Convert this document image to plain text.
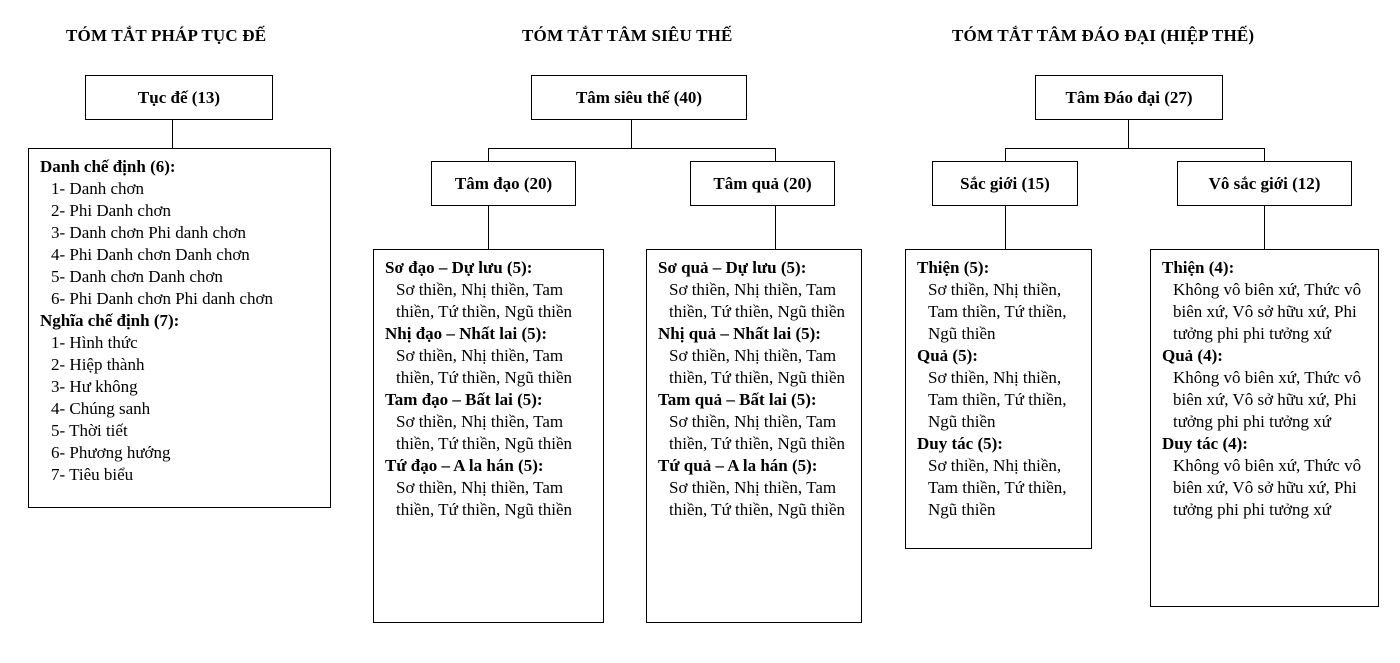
TÓM TẮT PHÁP TỤC ĐẾ
Tục đế (13)
Danh chế định (6):
1- Danh chơn
2- Phi Danh chơn
3- Danh chơn Phi danh chơn
4- Phi Danh chơn Danh chơn
5- Danh chơn Danh chơn
6- Phi Danh chơn Phi danh chơn
Nghĩa chế định (7):
1- Hình thức
2- Hiệp thành
3- Hư không
4- Chúng sanh
5- Thời tiết
6- Phương hướng
7- Tiêu biểu
TÓM TẮT TÂM SIÊU THẾ
Tâm siêu thế (40)
Tâm đạo (20)	Tâm quả (20)
Sơ đạo – Dự lưu (5):
Sơ thiền, Nhị thiền, Tam thiền, Tứ thiền, Ngũ thiền
Nhị đạo – Nhất lai (5):
Sơ thiền, Nhị thiền, Tam thiền, Tứ thiền, Ngũ thiền
Tam đạo – Bất lai (5):
Sơ thiền, Nhị thiền, Tam thiền, Tứ thiền, Ngũ thiền
Tứ đạo – A la hán (5):
Sơ thiền, Nhị thiền, Tam thiền, Tứ thiền, Ngũ thiền
Sơ quả – Dự lưu (5):
Sơ thiền, Nhị thiền, Tam thiền, Tứ thiền, Ngũ thiền
Nhị quả – Nhất lai (5):
Sơ thiền, Nhị thiền, Tam thiền, Tứ thiền, Ngũ thiền
Tam quả – Bất lai (5):
Sơ thiền, Nhị thiền, Tam thiền, Tứ thiền, Ngũ thiền
Tứ quả – A la hán (5):
Sơ thiền, Nhị thiền, Tam thiền, Tứ thiền, Ngũ thiền
TÓM TẮT TÂM ĐÁO ĐẠI (HIỆP THẾ)
Tâm Đáo đại (27)
Sắc giới (15)	Vô sắc giới (12)
Thiện (5):
Sơ thiền, Nhị thiền, Tam thiền, Tứ thiền, Ngũ thiền
Quả (5):
Sơ thiền, Nhị thiền, Tam thiền, Tứ thiền, Ngũ thiền
Duy tác (5):
Sơ thiền, Nhị thiền, Tam thiền, Tứ thiền, Ngũ thiền
Thiện (4):
Không vô biên xứ, Thức vô biên xứ, Vô sở hữu xứ, Phi tưởng phi phi tưởng xứ
Quả (4):
Không vô biên xứ, Thức vô biên xứ, Vô sở hữu xứ, Phi tưởng phi phi tưởng xứ
Duy tác (4):
Không vô biên xứ, Thức vô biên xứ, Vô sở hữu xứ, Phi tưởng phi phi tưởng xứ
